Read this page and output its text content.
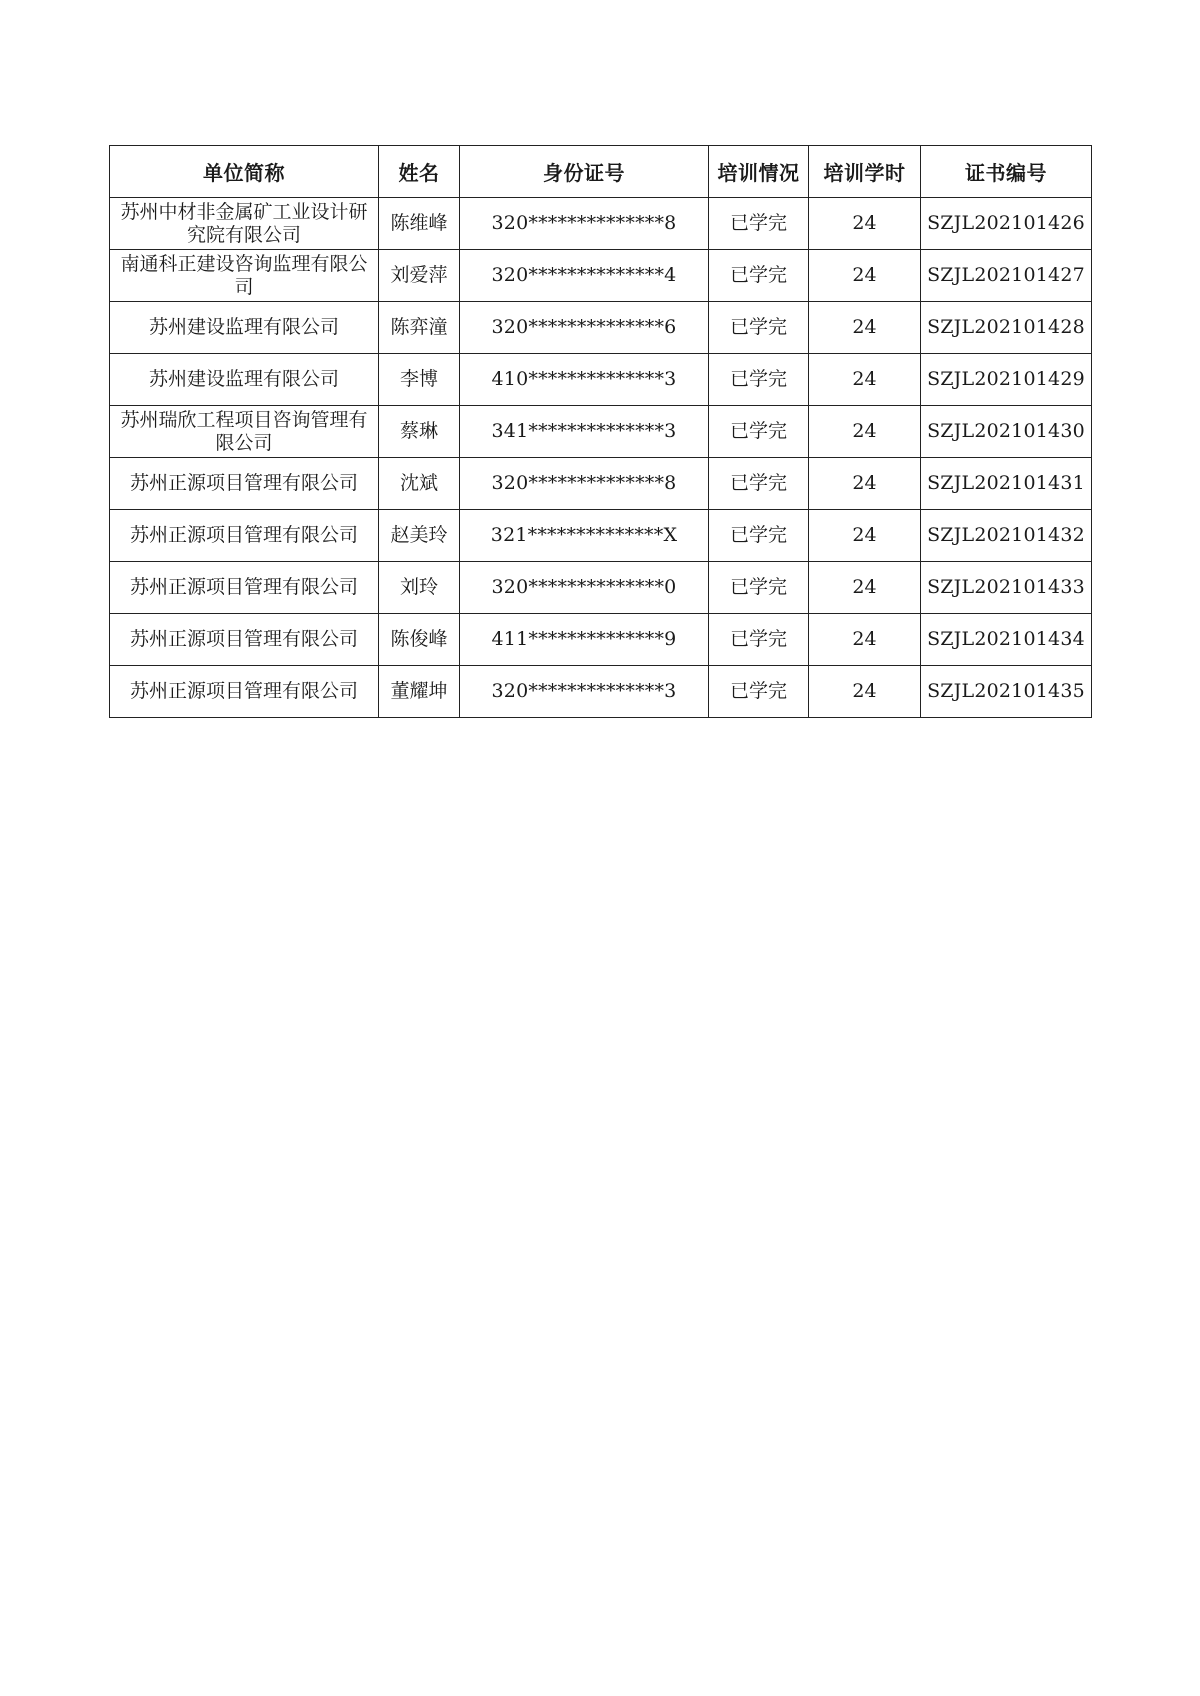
单位简称	姓名	身份证号	培训情况	培训学时	证书编号
苏州中材非金属矿工业设计研究院有限公司	陈维峰	320**************8	已学完	24	SZJL202101426
南通科正建设咨询监理有限公司	刘爱萍	320**************4	已学完	24	SZJL202101427
苏州建设监理有限公司	陈弈潼	320**************6	已学完	24	SZJL202101428
苏州建设监理有限公司	李博	410**************3	已学完	24	SZJL202101429
苏州瑞欣工程项目咨询管理有限公司	蔡琳	341**************3	已学完	24	SZJL202101430
苏州正源项目管理有限公司	沈斌	320**************8	已学完	24	SZJL202101431
苏州正源项目管理有限公司	赵美玲	321**************X	已学完	24	SZJL202101432
苏州正源项目管理有限公司	刘玲	320**************0	已学完	24	SZJL202101433
苏州正源项目管理有限公司	陈俊峰	411**************9	已学完	24	SZJL202101434
苏州正源项目管理有限公司	董耀坤	320**************3	已学完	24	SZJL202101435
